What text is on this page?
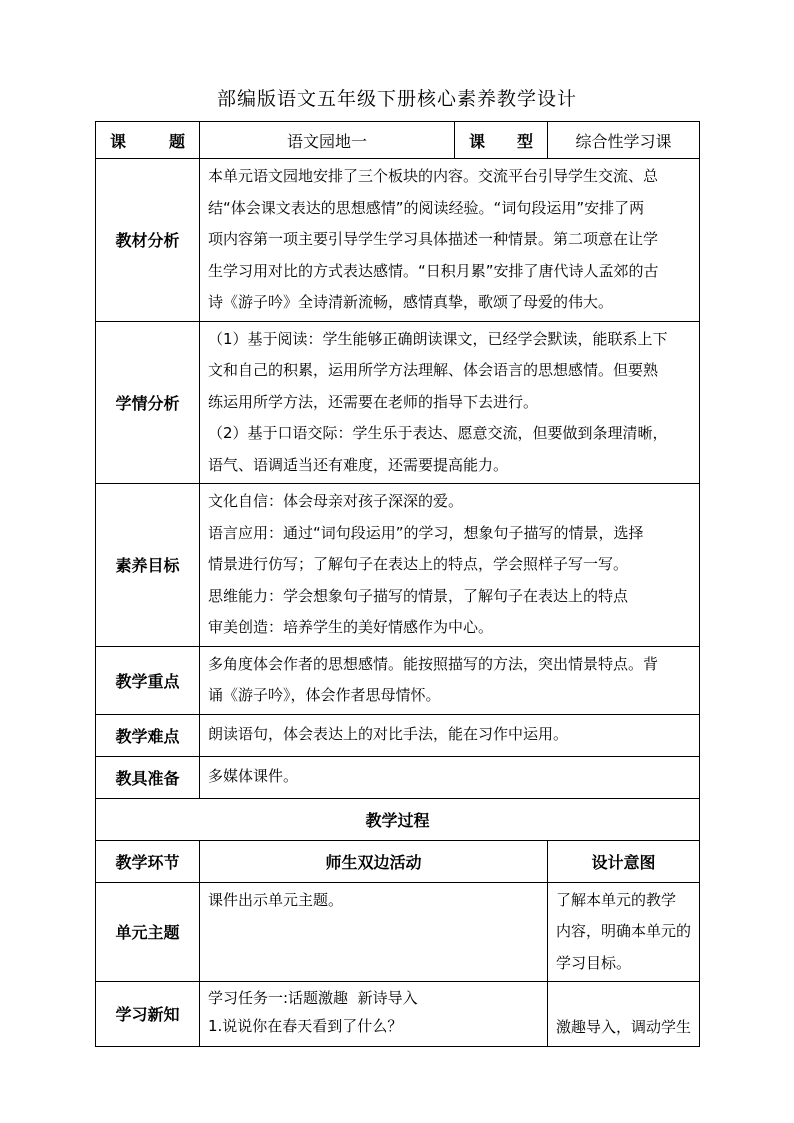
部编版语文五年级下册核心素养教学设计
课 题	语文园地一	课 型	综合性学习课
教材分析	本单元语文园地安排了三个板块的内容。交流平台引导学生交流、总
结“体会课文表达的思想感情”的阅读经验。“词句段运用”安排了两
项内容第一项主要引导学生学习具体描述一种情景。第二项意在让学
生学习用对比的方式表达感情。“日积月累”安排了唐代诗人孟郊的古
诗《游子吟》全诗清新流畅，感情真挚，歌颂了母爱的伟大。		

学情分析	（1）基于阅读：学生能够正确朗读课文，已经学会默读，能联系上下
文和自己的积累，运用所学方法理解、体会语言的思想感情。但要熟
练运用所学方法，还需要在老师的指导下去进行。
（2）基于口语交际：学生乐于表达、愿意交流，但要做到条理清晰，
语气、语调适当还有难度，还需要提高能力。		

素养目标	文化自信：体会母亲对孩子深深的爱。
语言应用：通过“词句段运用”的学习，想象句子描写的情景，选择
情景进行仿写；了解句子在表达上的特点，学会照样子写一写。
思维能力：学会想象句子描写的情景，了解句子在表达上的特点
审美创造：培养学生的美好情感作为中心。		

教学重点	多角度体会作者的思想感情。能按照描写的方法，突出情景特点。背
诵《游子吟》，体会作者思母情怀。		

教学难点	朗读语句，体会表达上的对比手法，能在习作中运用。		

教具准备	多媒体课件。		

教学过程			
教学环节	师生双边活动		设计意图
单元主题	课件出示单元主题。		了解本单元的教学
内容，明确本单元的
学习目标。

学习新知	学习任务一:话题激趣  新诗导入
1.说说你在春天看到了什么？		激趣导入，调动学生
